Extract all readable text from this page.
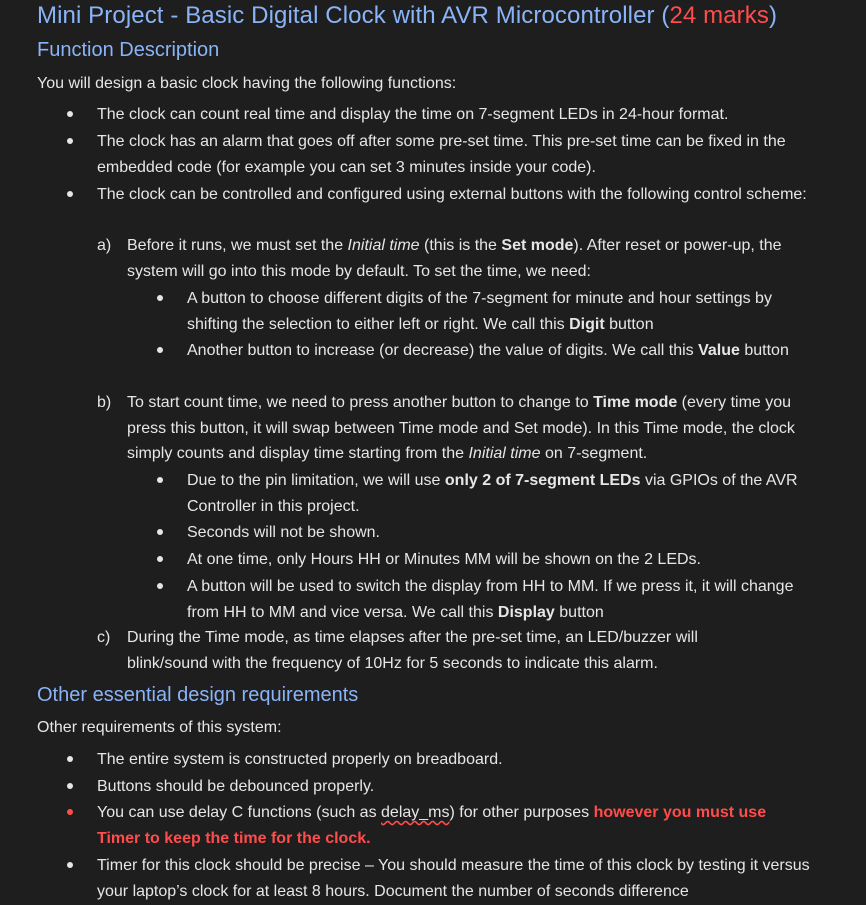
Mini Project - Basic Digital Clock with AVR Microcontroller (24 marks)
Function Description
You will design a basic clock having the following functions:
The clock can count real time and display the time on 7-segment LEDs in 24-hour format.
The clock has an alarm that goes off after some pre-set time. This pre-set time can be fixed in the embedded code (for example you can set 3 minutes inside your code).
The clock can be controlled and configured using external buttons with the following control scheme:
a) Before it runs, we must set the Initial time (this is the Set mode). After reset or power-up, the system will go into this mode by default. To set the time, we need:
A button to choose different digits of the 7-segment for minute and hour settings by shifting the selection to either left or right. We call this Digit button
Another button to increase (or decrease) the value of digits. We call this Value button
b) To start count time, we need to press another button to change to Time mode (every time you press this button, it will swap between Time mode and Set mode). In this Time mode, the clock simply counts and display time starting from the Initial time on 7-segment.
Due to the pin limitation, we will use only 2 of 7-segment LEDs via GPIOs of the AVR Controller in this project.
Seconds will not be shown.
At one time, only Hours HH or Minutes MM will be shown on the 2 LEDs.
A button will be used to switch the display from HH to MM. If we press it, it will change from HH to MM and vice versa. We call this Display button
c) During the Time mode, as time elapses after the pre-set time, an LED/buzzer will blink/sound with the frequency of 10Hz for 5 seconds to indicate this alarm.
Other essential design requirements
Other requirements of this system:
The entire system is constructed properly on breadboard.
Buttons should be debounced properly.
You can use delay C functions (such as delay_ms) for other purposes however you must use Timer to keep the time for the clock.
Timer for this clock should be precise – You should measure the time of this clock by testing it versus your laptop’s clock for at least 8 hours. Document the number of seconds difference
